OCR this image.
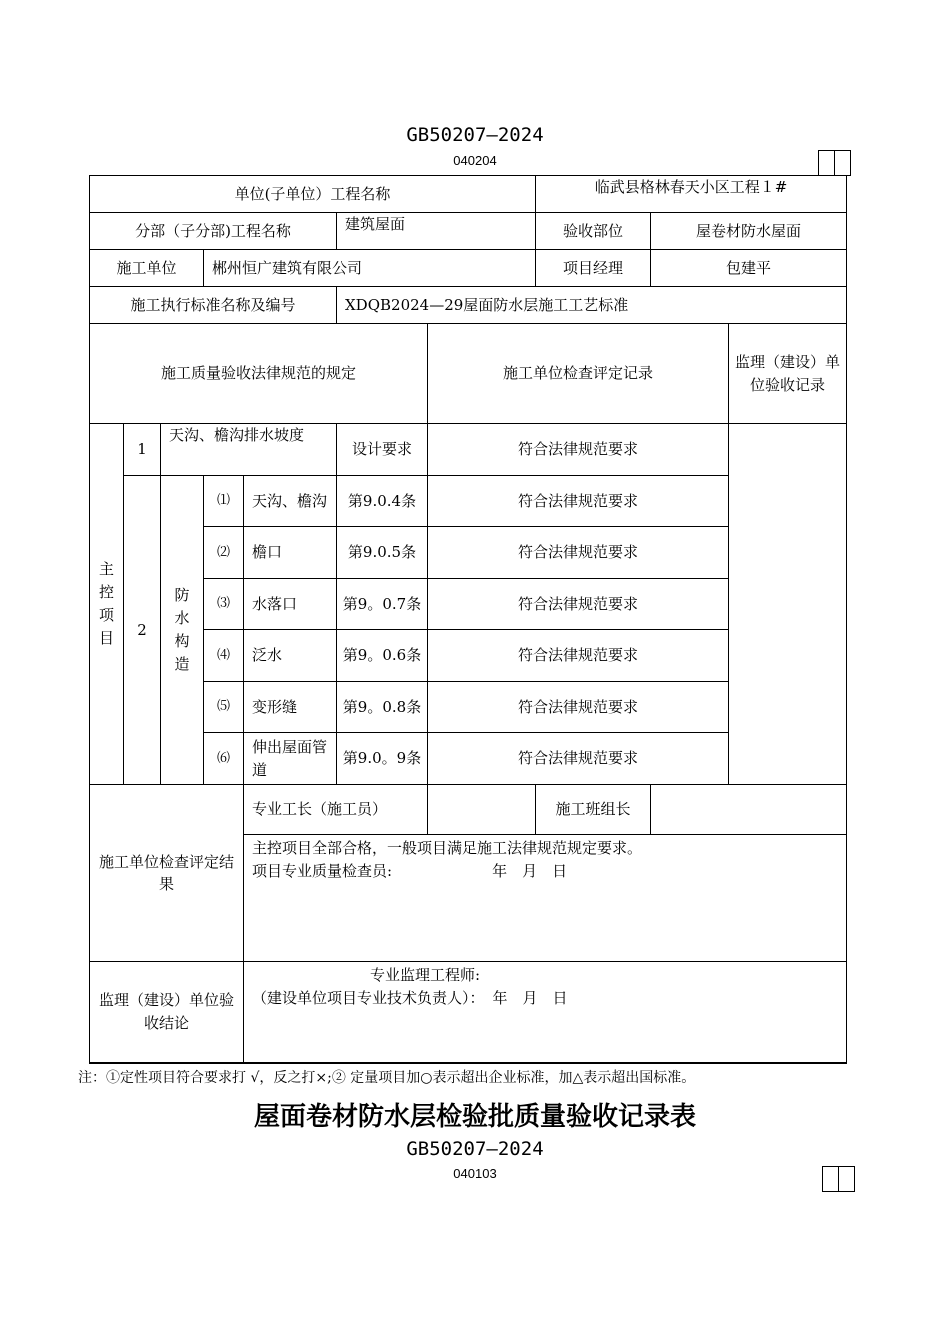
GB50207—2024
040204
单位(子单位）工程名称							临武县格林春天小区工程１#		
分部（子分部)工程名称					建筑屋面		验收部位	屋卷材防水屋面	
施工单位			郴州恒广建筑有限公司				项目经理	包建平	
施工执行标准名称及编号					XDQB2024—29屋面防水层施工工艺标准				
施工质量验收法律规范的规定						施工单位检查评定记录			监理（建设）单位验收记录

主控项目	1	天沟、檐沟排水坡度			设计要求	符合法律规范要求			
	2	防水构造	⑴	天沟、檐沟	第9.0.4条	符合法律规范要求			
			⑵	檐口	第9.0.5条	符合法律规范要求			
			⑶	水落口	第9。0.7条	符合法律规范要求			
			⑷	泛水	第9。0.6条	符合法律规范要求			
			⑸	变形缝	第9。0.8条	符合法律规范要求			
			⑹	伸出屋面管道	第9.0。9条	符合法律规范要求			
施工单位检查评定结果				专业工长（施工员）			施工班组长		

				主控项目全部合格，一般项目满足施工法律规范规定要求。
项目专业质量检查员: 年　月　日					

监理（建设）单位验收结论				专业监理工程师:
（建设单位项目专业技术负责人）： 年　月　日					
注：①定性项目符合要求打 √，反之打×;② 定量项目加○表示超出企业标准，加△表示超出国标准。
屋面卷材防水层检验批质量验收记录表
GB50207—2024
040103
